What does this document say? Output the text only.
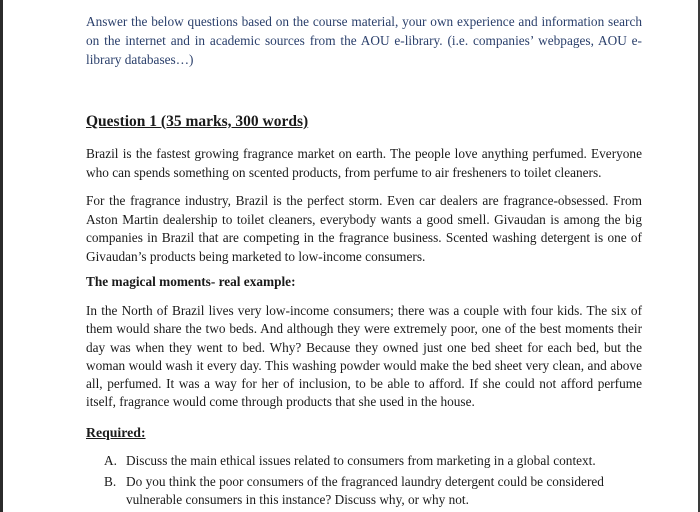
Answer the below questions based on the course material, your own experience and information search on the internet and in academic sources from the AOU e-library. (i.e. companies’ webpages, AOU e-library databases…)

Question 1 (35 marks, 300 words)

Brazil is the fastest growing fragrance market on earth. The people love anything perfumed. Everyone who can spends something on scented products, from perfume to air fresheners to toilet cleaners.

For the fragrance industry, Brazil is the perfect storm. Even car dealers are fragrance-obsessed. From Aston Martin dealership to toilet cleaners, everybody wants a good smell. Givaudan is among the big companies in Brazil that are competing in the fragrance business. Scented washing detergent is one of Givaudan’s products being marketed to low-income consumers.

The magical moments- real example:

In the North of Brazil lives very low-income consumers; there was a couple with four kids. The six of them would share the two beds. And although they were extremely poor, one of the best moments their day was when they went to bed. Why? Because they owned just one bed sheet for each bed, but the woman would wash it every day. This washing powder would make the bed sheet very clean, and above all, perfumed. It was a way for her of inclusion, to be able to afford. If she could not afford perfume itself, fragrance would come through products that she used in the house.

Required:
A. Discuss the main ethical issues related to consumers from marketing in a global context.
B. Do you think the poor consumers of the fragranced laundry detergent could be considered vulnerable consumers in this instance? Discuss why, or why not.
